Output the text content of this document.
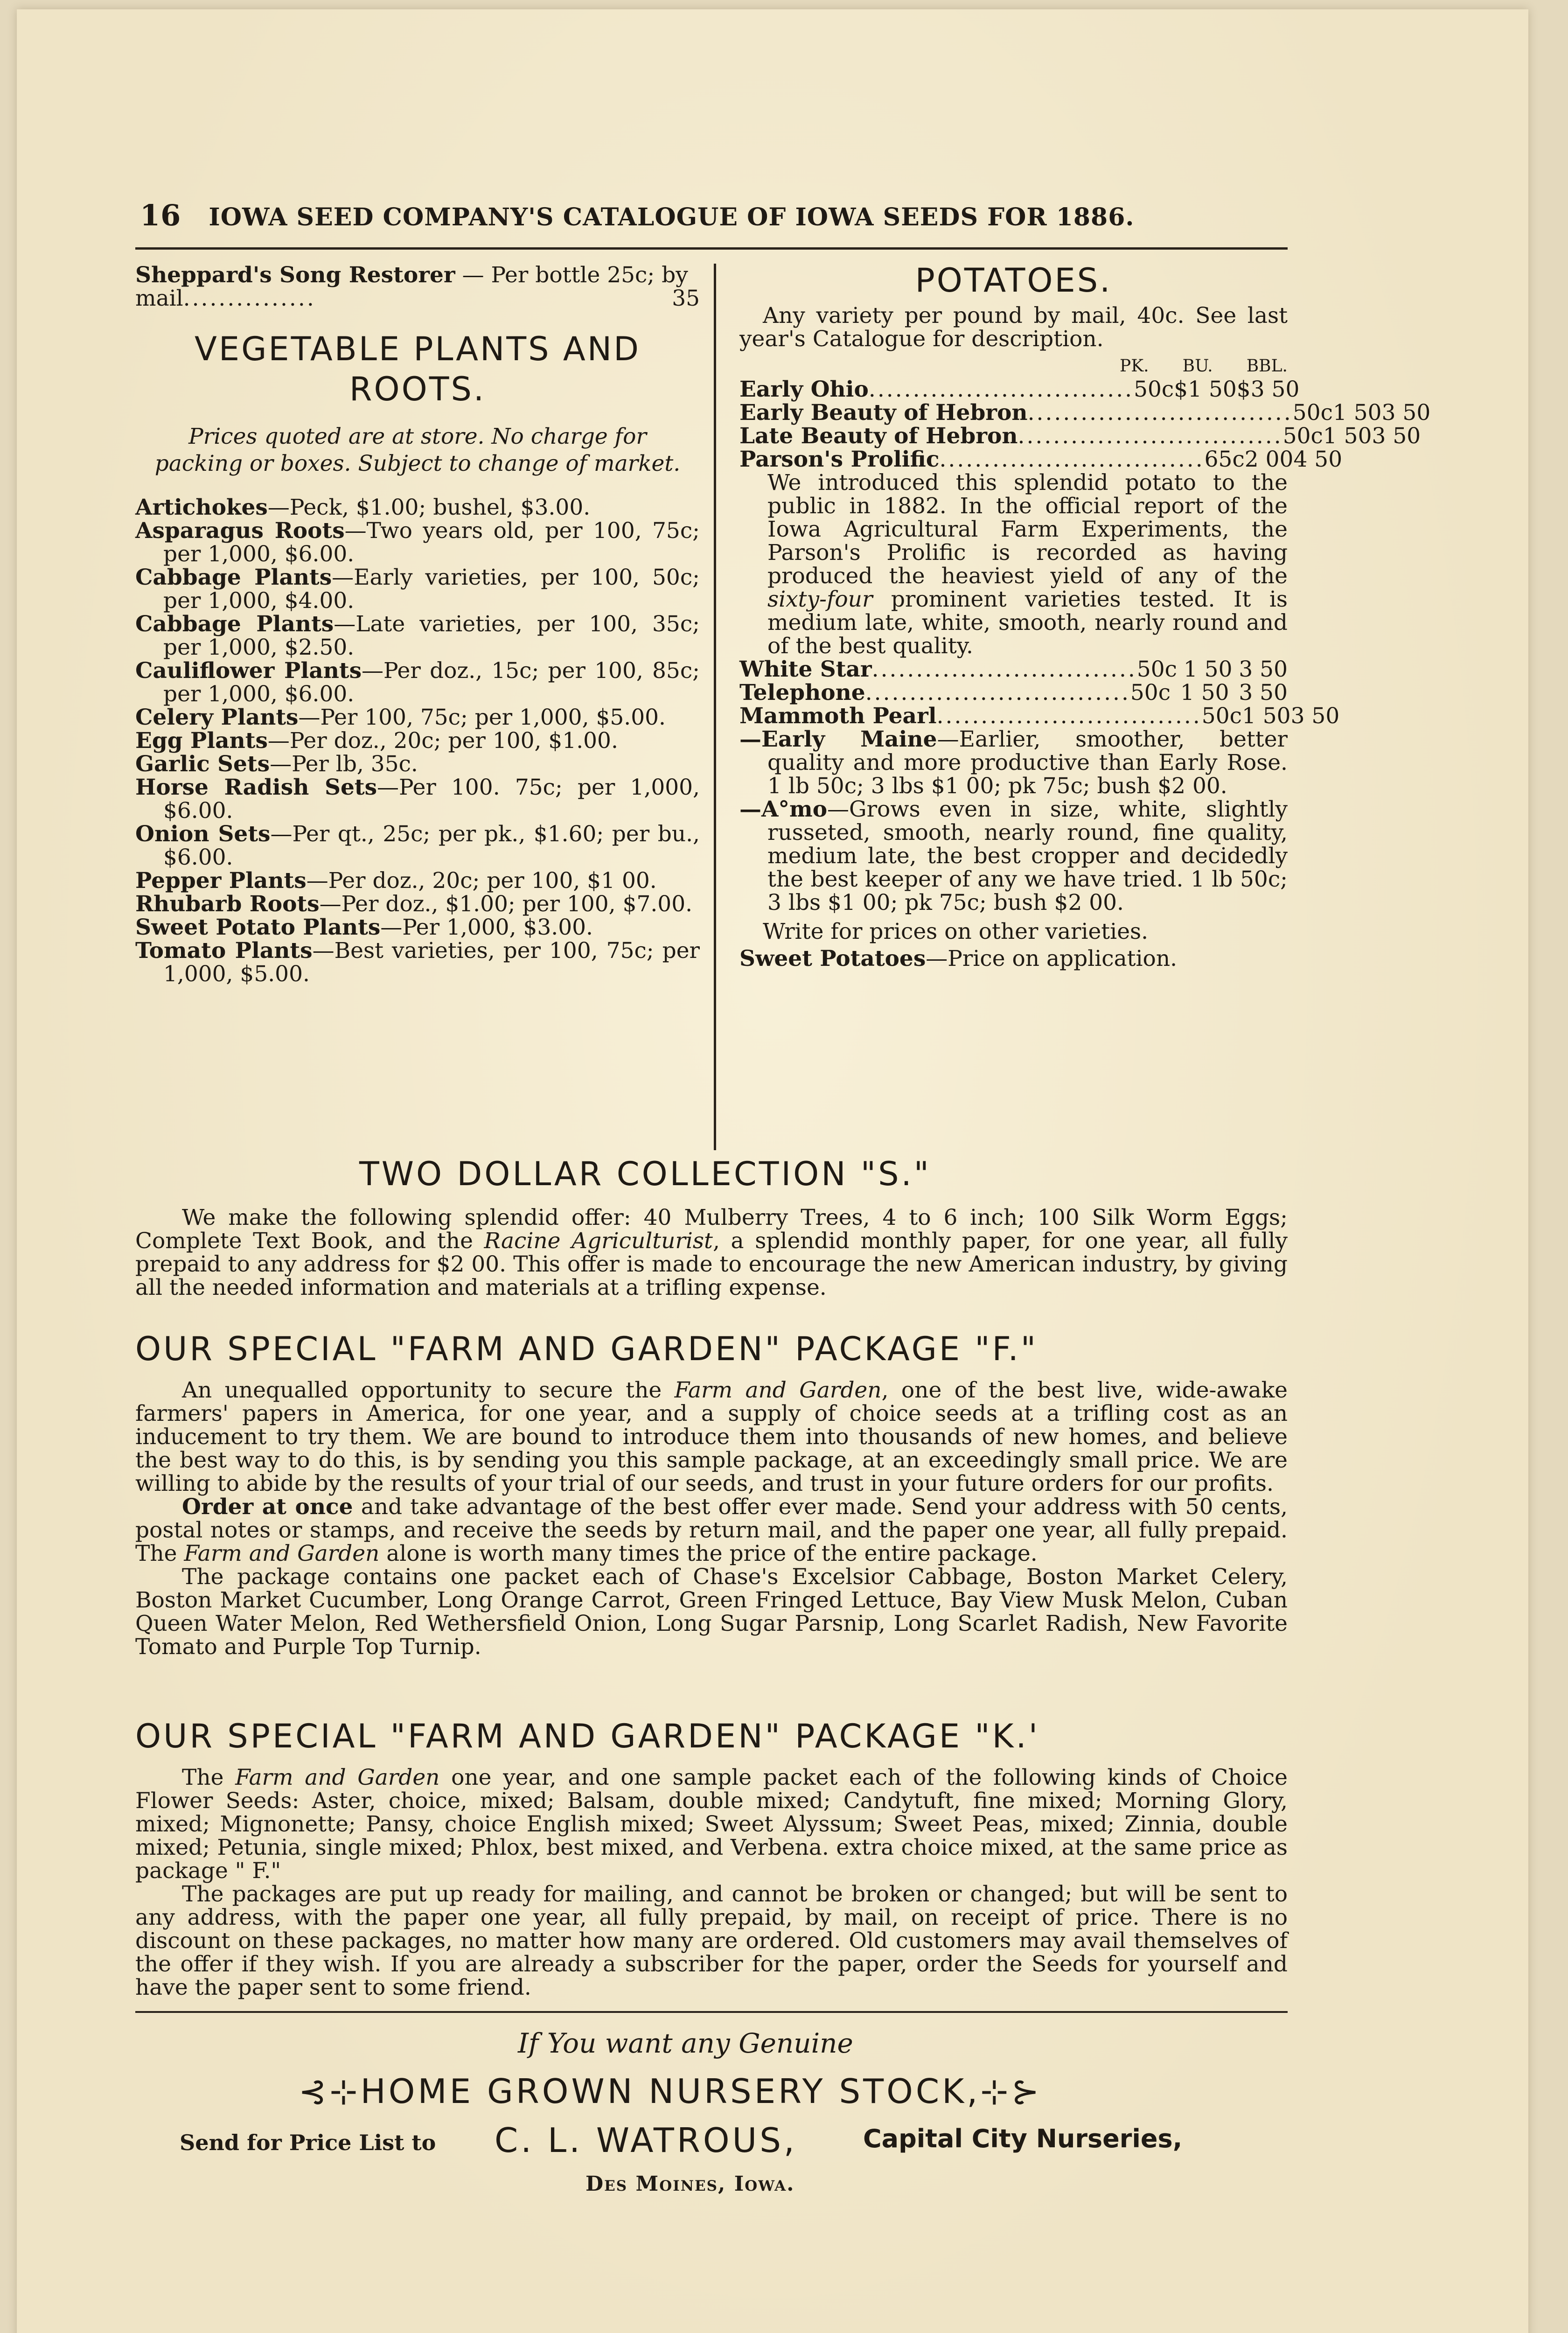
16 IOWA SEED COMPANY'S CATALOGUE OF IOWA SEEDS FOR 1886.
Sheppard's Song Restorer — Per bottle 25c; by mail...............	35
VEGETABLE PLANTS AND ROOTS.

Prices quoted are at store. No charge for packing or boxes. Subject to change of market.

Artichokes—Peck, $1.00; bushel, $3.00.

Asparagus Roots—Two years old, per 100, 75c; per 1,000, $6.00.

Cabbage Plants—Early varieties, per 100, 50c; per 1,000, $4.00.

Cabbage Plants—Late varieties, per 100, 35c; per 1,000, $2.50.

Cauliflower Plants—Per doz., 15c; per 100, 85c; per 1,000, $6.00.

Celery Plants—Per 100, 75c; per 1,000, $5.00.

Egg Plants—Per doz., 20c; per 100, $1.00.

Garlic Sets—Per lb, 35c.

Horse Radish Sets—Per 100. 75c; per 1,000, $6.00.

Onion Sets—Per qt., 25c; per pk., $1.60; per bu., $6.00.

Pepper Plants—Per doz., 20c; per 100, $1 00.

Rhubarb Roots—Per doz., $1.00; per 100, $7.00.

Sweet Potato Plants—Per 1,000, $3.00.

Tomato Plants—Best varieties, per 100, 75c; per 1,000, $5.00.

POTATOES.

Any variety per pound by mail, 40c. See last year's Catalogue for description.

PK. BU. BBL.
Early Ohio.............................. 50c $1 50 $3 50
Early Beauty of Hebron.............................. 50c 1 50 3 50
Late Beauty of Hebron.............................. 50c 1 50 3 50
Parson's Prolific.............................. 65c 2 00 4 50

We introduced this splendid potato to the public in 1882. In the official report of the Iowa Agricultural Farm Experiments, the Parson's Prolific is recorded as having produced the heaviest yield of any of the sixty-four prominent varieties tested. It is medium late, white, smooth, nearly round and of the best quality.

White Star.............................. 50c 1 50 3 50
Telephone.............................. 50c 1 50 3 50
Mammoth Pearl.............................. 50c 1 50 3 50

—Early Maine—Earlier, smoother, better quality and more productive than Early Rose. 1 lb 50c; 3 lbs $1 00; pk 75c; bush $2 00.

—A°mo—Grows even in size, white, slightly russeted, smooth, nearly round, fine quality, medium late, the best cropper and decidedly the best keeper of any we have tried. 1 lb 50c; 3 lbs $1 00; pk 75c; bush $2 00.

Write for prices on other varieties.

Sweet Potatoes—Price on application.

TWO DOLLAR COLLECTION "S."

We make the following splendid offer: 40 Mulberry Trees, 4 to 6 inch; 100 Silk Worm Eggs; Complete Text Book, and the Racine Agriculturist, a splendid monthly paper, for one year, all fully prepaid to any address for $2 00. This offer is made to encourage the new American industry, by giving all the needed information and materials at a trifling expense.

OUR SPECIAL "FARM AND GARDEN" PACKAGE "F."

An unequalled opportunity to secure the Farm and Garden, one of the best live, wide-awake farmers' papers in America, for one year, and a supply of choice seeds at a trifling cost as an inducement to try them. We are bound to introduce them into thousands of new homes, and believe the best way to do this, is by sending you this sample package, at an exceedingly small price. We are willing to abide by the results of your trial of our seeds, and trust in your future orders for our profits.

Order at once and take advantage of the best offer ever made. Send your address with 50 cents, postal notes or stamps, and receive the seeds by return mail, and the paper one year, all fully prepaid. The Farm and Garden alone is worth many times the price of the entire package.

The package contains one packet each of Chase's Excelsior Cabbage, Boston Market Celery, Boston Market Cucumber, Long Orange Carrot, Green Fringed Lettuce, Bay View Musk Melon, Cuban Queen Water Melon, Red Wethersfield Onion, Long Sugar Parsnip, Long Scarlet Radish, New Favorite Tomato and Purple Top Turnip.

OUR SPECIAL "FARM AND GARDEN" PACKAGE "K.'

The Farm and Garden one year, and one sample packet each of the following kinds of Choice Flower Seeds: Aster, choice, mixed; Balsam, double mixed; Candytuft, fine mixed; Morning Glory, mixed; Mignonette; Pansy, choice English mixed; Sweet Alyssum; Sweet Peas, mixed; Zinnia, double mixed; Petunia, single mixed; Phlox, best mixed, and Verbena. extra choice mixed, at the same price as package " F."

The packages are put up ready for mailing, and cannot be broken or changed; but will be sent to any address, with the paper one year, all fully prepaid, by mail, on receipt of price. There is no discount on these packages, no matter how many are ordered. Old customers may avail themselves of the offer if they wish. If you are already a subscriber for the paper, order the Seeds for yourself and have the paper sent to some friend.

If You want any Genuine
⊰⊹HOME GROWN NURSERY STOCK,⊹⊱
Send for Price List to C. L. WATROUS,	Capital City Nurseries,
Des Moines, Iowa.
